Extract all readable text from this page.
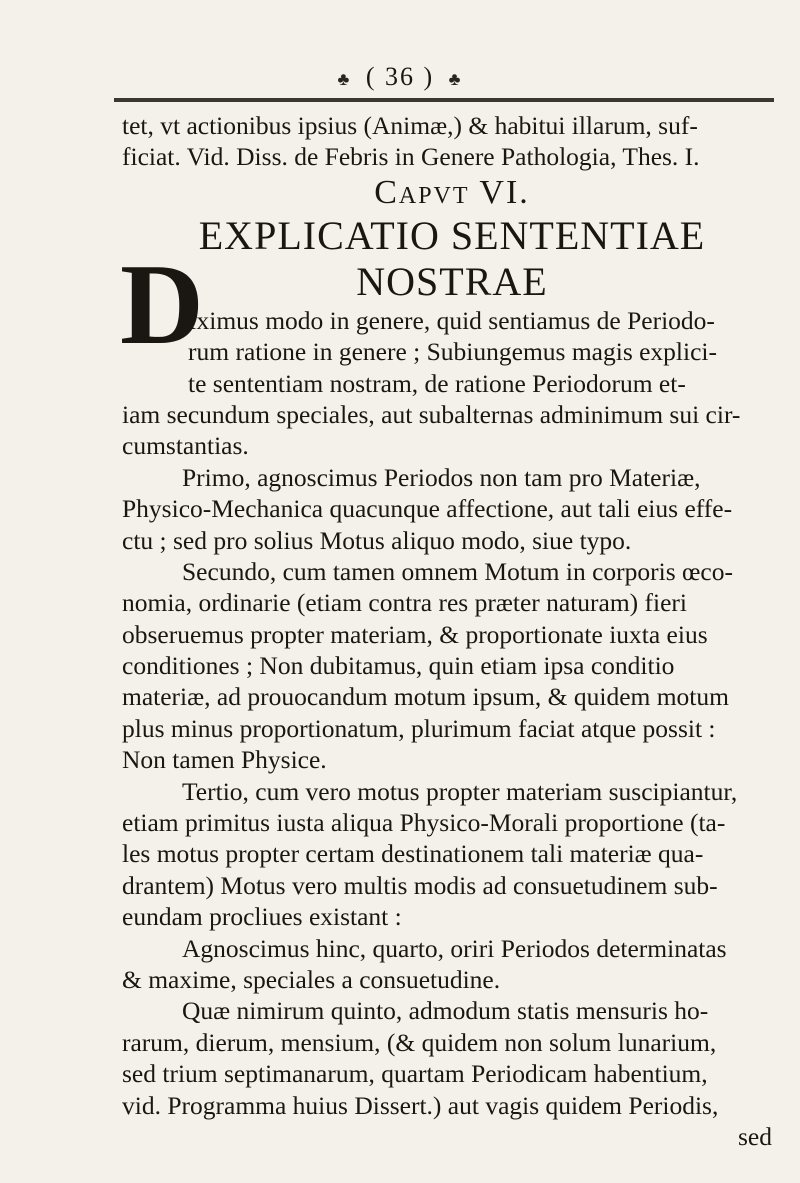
♣ ( 36 ) ♣
tet, vt actionibus ipsius (Animæ,) & habitui illarum, suf-
ficiat. Vid. Diss. de Febris in Genere Pathologia, Thes. I.
Capvt VI.
EXPLICATIO SENTENTIAE
D	NOSTRAE
Iximus modo in genere, quid sentiamus de Periodo-
rum ratione in genere ; Subiungemus magis explici-
te sententiam nostram, de ratione Periodorum et-
iam secundum speciales, aut subalternas adminimum sui cir-
cumstantias.
Primo, agnoscimus Periodos non tam pro Materiæ,
Physico-Mechanica quacunque affectione, aut tali eius effe-
ctu ; sed pro solius Motus aliquo modo, siue typo.
Secundo, cum tamen omnem Motum in corporis œco-
nomia, ordinarie (etiam contra res præter naturam) fieri
obseruemus propter materiam, & proportionate iuxta eius
conditiones ; Non dubitamus, quin etiam ipsa conditio
materiæ, ad prouocandum motum ipsum, & quidem motum
plus minus proportionatum, plurimum faciat atque possit :
Non tamen Physice.
Tertio, cum vero motus propter materiam suscipiantur,
etiam primitus iusta aliqua Physico-Morali proportione (ta-
les motus propter certam destinationem tali materiæ qua-
drantem) Motus vero multis modis ad consuetudinem sub-
eundam procliues existant :
Agnoscimus hinc, quarto, oriri Periodos determinatas
& maxime, speciales a consuetudine.
Quæ nimirum quinto, admodum statis mensuris ho-
rarum, dierum, mensium, (& quidem non solum lunarium,
sed trium septimanarum, quartam Periodicam habentium,
vid. Programma huius Dissert.) aut vagis quidem Periodis,
sed
